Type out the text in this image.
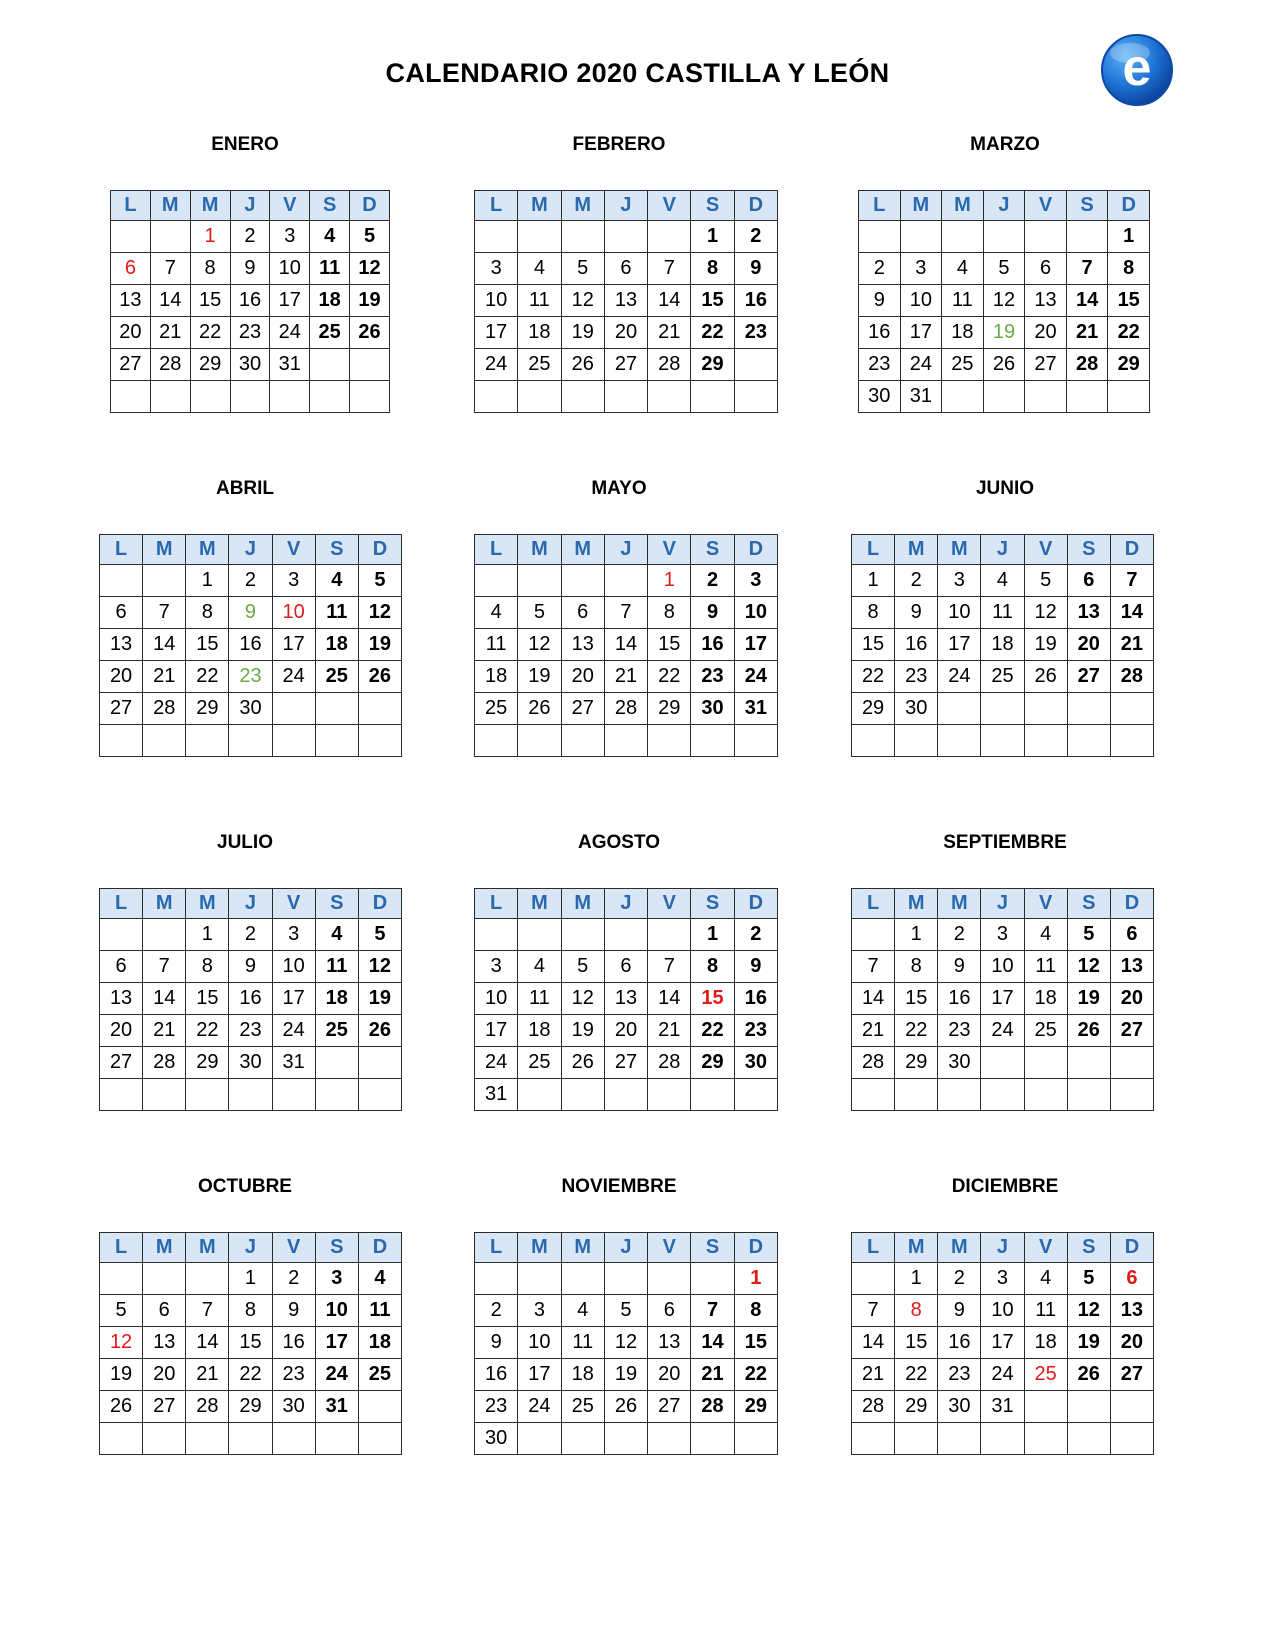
CALENDARIO 2020 CASTILLA Y LEÓN	e
ENERO
L	M	M	J	V	S	D
		1	2	3	4	5
6	7	8	9	10	11	12
13	14	15	16	17	18	19
20	21	22	23	24	25	26
27	28	29	30	31		

FEBRERO
L	M	M	J	V	S	D
					1	2
3	4	5	6	7	8	9
10	11	12	13	14	15	16
17	18	19	20	21	22	23
24	25	26	27	28	29	

MARZO
L	M	M	J	V	S	D
						1
2	3	4	5	6	7	8
9	10	11	12	13	14	15
16	17	18	19	20	21	22
23	24	25	26	27	28	29
30	31					
ABRIL
L	M	M	J	V	S	D
		1	2	3	4	5
6	7	8	9	10	11	12
13	14	15	16	17	18	19
20	21	22	23	24	25	26
27	28	29	30			

MAYO
L	M	M	J	V	S	D
				1	2	3
4	5	6	7	8	9	10
11	12	13	14	15	16	17
18	19	20	21	22	23	24
25	26	27	28	29	30	31

JUNIO
L	M	M	J	V	S	D
1	2	3	4	5	6	7
8	9	10	11	12	13	14
15	16	17	18	19	20	21
22	23	24	25	26	27	28
29	30					

JULIO
L	M	M	J	V	S	D
		1	2	3	4	5
6	7	8	9	10	11	12
13	14	15	16	17	18	19
20	21	22	23	24	25	26
27	28	29	30	31		

AGOSTO
L	M	M	J	V	S	D
					1	2
3	4	5	6	7	8	9
10	11	12	13	14	15	16
17	18	19	20	21	22	23
24	25	26	27	28	29	30
31						
SEPTIEMBRE
L	M	M	J	V	S	D
	1	2	3	4	5	6
7	8	9	10	11	12	13
14	15	16	17	18	19	20
21	22	23	24	25	26	27
28	29	30				

OCTUBRE
L	M	M	J	V	S	D
			1	2	3	4
5	6	7	8	9	10	11
12	13	14	15	16	17	18
19	20	21	22	23	24	25
26	27	28	29	30	31	

NOVIEMBRE
L	M	M	J	V	S	D
						1
2	3	4	5	6	7	8
9	10	11	12	13	14	15
16	17	18	19	20	21	22
23	24	25	26	27	28	29
30						
DICIEMBRE
L	M	M	J	V	S	D
	1	2	3	4	5	6
7	8	9	10	11	12	13
14	15	16	17	18	19	20
21	22	23	24	25	26	27
28	29	30	31			
